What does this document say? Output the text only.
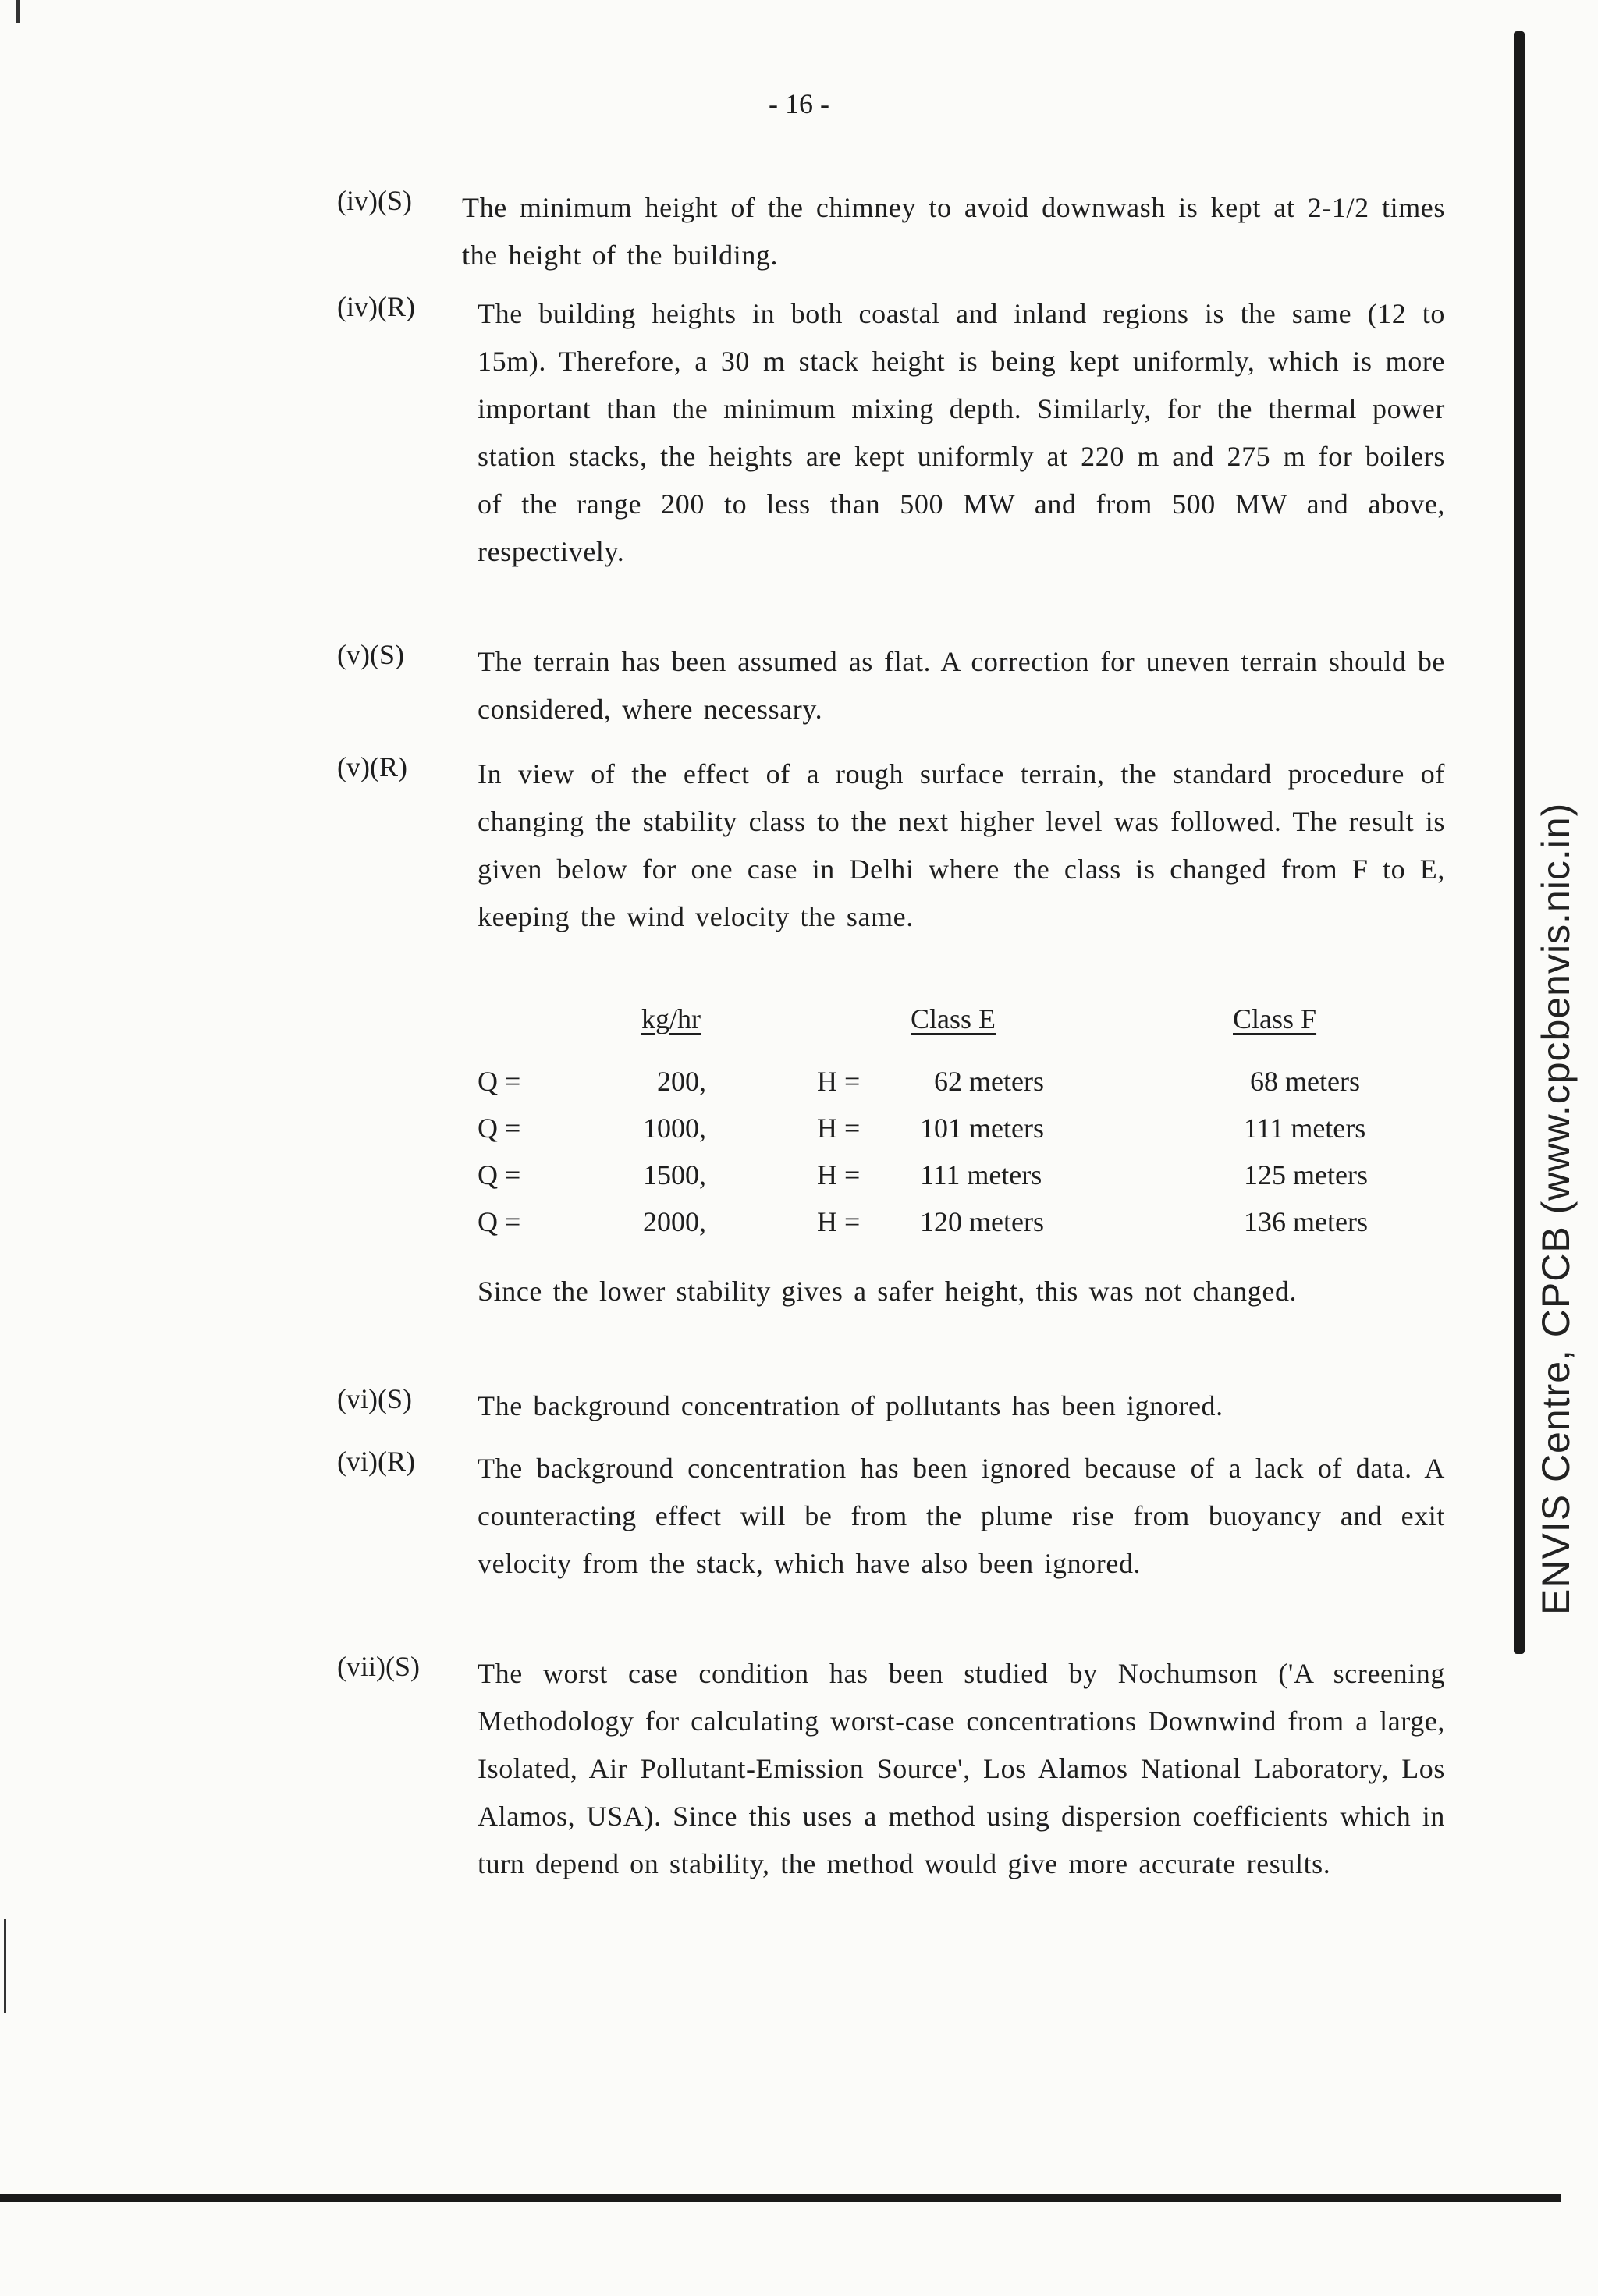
- 16 -
(iv)(S) The minimum height of the chimney to avoid downwash is kept at 2-1/2 times the height of the building.
(iv)(R) The building heights in both coastal and inland regions is the same (12 to 15m). Therefore, a 30 m stack height is being kept uniformly, which is more important than the minimum mixing depth. Similarly, for the thermal power station stacks, the heights are kept uniformly at 220 m and 275 m for boilers of the range 200 to less than 500 MW and from 500 MW and above, respectively.
(v)(S)	The terrain has been assumed as flat. A correction for uneven terrain should be considered, where necessary.
(v)(R)	In view of the effect of a rough surface terrain, the standard procedure of changing the stability class to the next higher level was followed. The result is given below for one case in Delhi where the class is changed from F to E, keeping the wind velocity the same.
kg/hr	Class E	Class F
Q =	200,	H =	62 meters	68 meters
Q =	1000,	H = 101 meters	111 meters
Q =	1500,	H = 111 meters	125 meters
Q =	2000,	H = 120 meters	136 meters
Since the lower stability gives a safer height, this was not changed.
(vi)(S) The background concentration of pollutants has been ignored.
(vi)(R) The background concentration has been ignored because of a lack of data. A counteracting effect will be from the plume rise from buoyancy and exit velocity from the stack, which have also been ignored.
(vii)(S) The worst case condition has been studied by Nochumson ('A screening Methodology for calculating worst-case concentrations Downwind from a large, Isolated, Air Pollutant-Emission Source', Los Alamos National Laboratory, Los Alamos, USA). Since this uses a method using dispersion coefficients which in turn depend on stability, the method would give more accurate results.
ENVIS Centre, CPCB (www.cpcbenvis.nic.in)
